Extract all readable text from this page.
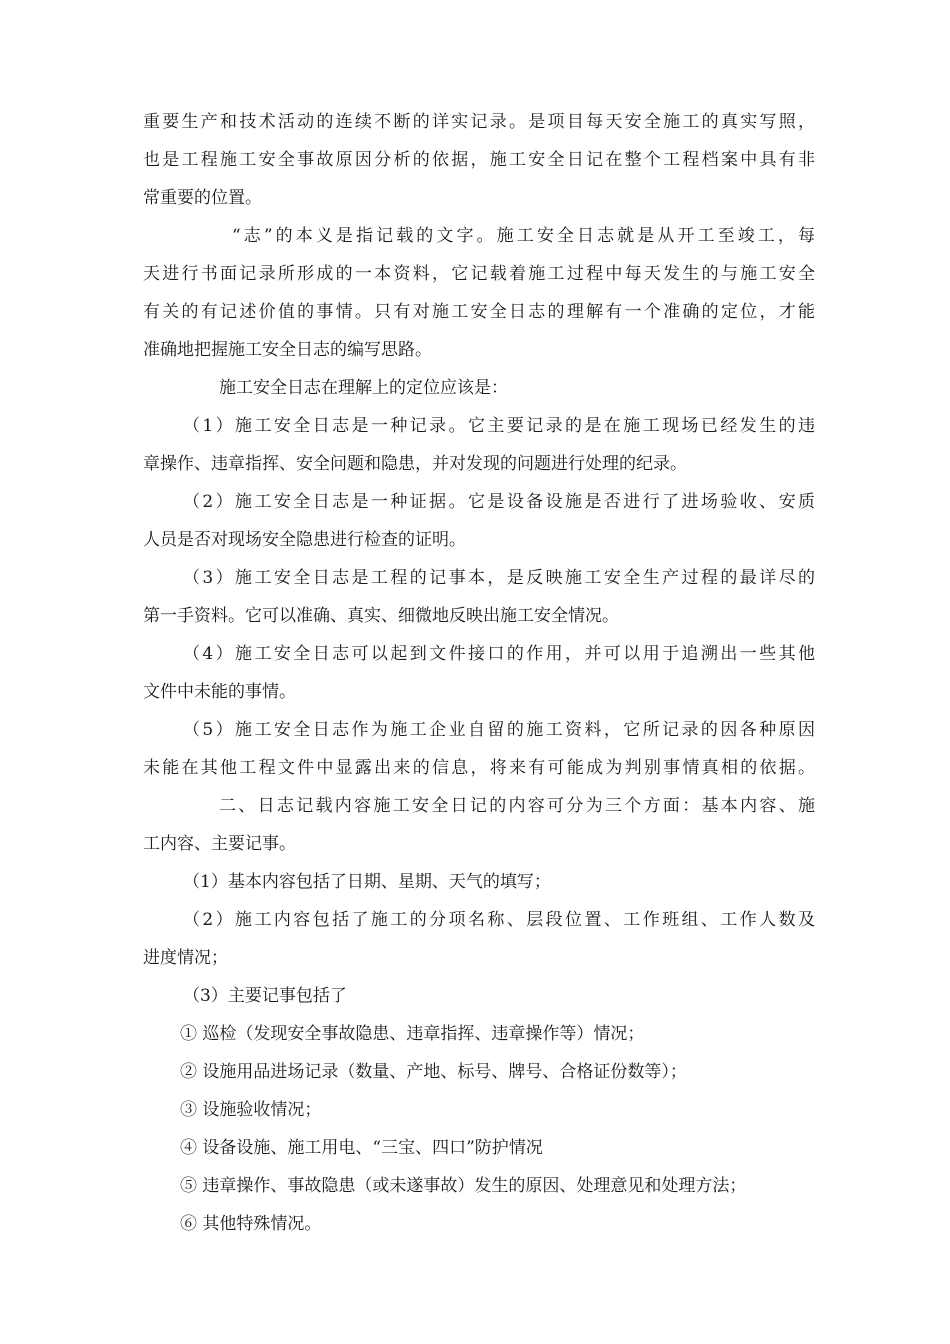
重要生产和技术活动的连续不断的详实记录。是项目每天安全施工的真实写照，
也是工程施工安全事故原因分析的依据，施工安全日记在整个工程档案中具有非
常重要的位置。
“志”的本义是指记载的文字。施工安全日志就是从开工至竣工，每
天进行书面记录所形成的一本资料，它记载着施工过程中每天发生的与施工安全
有关的有记述价值的事情。只有对施工安全日志的理解有一个准确的定位，才能
准确地把握施工安全日志的编写思路。
施工安全日志在理解上的定位应该是：
（1）施工安全日志是一种记录。它主要记录的是在施工现场已经发生的违
章操作、违章指挥、安全问题和隐患，并对发现的问题进行处理的纪录。
（2）施工安全日志是一种证据。它是设备设施是否进行了进场验收、安质
人员是否对现场安全隐患进行检查的证明。
（3）施工安全日志是工程的记事本，是反映施工安全生产过程的最详尽的
第一手资料。它可以准确、真实、细微地反映出施工安全情况。
（4）施工安全日志可以起到文件接口的作用，并可以用于追溯出一些其他
文件中未能的事情。
（5）施工安全日志作为施工企业自留的施工资料，它所记录的因各种原因
未能在其他工程文件中显露出来的信息，将来有可能成为判别事情真相的依据。
二、日志记载内容施工安全日记的内容可分为三个方面：基本内容、施
工内容、主要记事。
（1）基本内容包括了日期、星期、天气的填写；
（2）施工内容包括了施工的分项名称、层段位置、工作班组、工作人数及
进度情况；
（3）主要记事包括了
① 巡检（发现安全事故隐患、违章指挥、违章操作等）情况；
② 设施用品进场记录（数量、产地、标号、牌号、合格证份数等）；
③ 设施验收情况；
④ 设备设施、施工用电、“三宝、四口”防护情况
⑤ 违章操作、事故隐患（或未遂事故）发生的原因、处理意见和处理方法；
⑥ 其他特殊情况。
